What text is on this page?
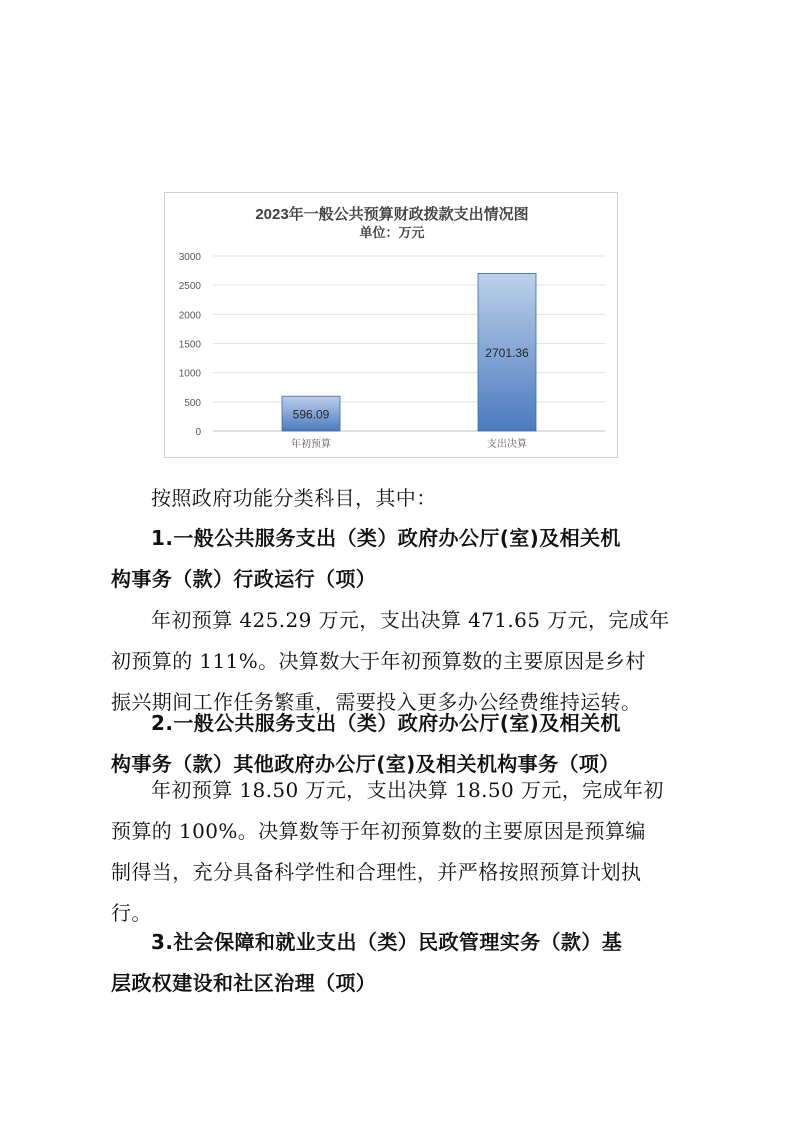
2023年一般公共预算财政拨款支出情况图
单位：万元
0
500
1000
1500
2000
2500
3000
596.09
年初预算
2701.36
支出决算

按照政府功能分类科目，其中：

1.一般公共服务支出（类）政府办公厅(室)及相关机
构事务（款）行政运行（项）

年初预算 425.29 万元，支出决算 471.65 万元，完成年
初预算的 111%。决算数大于年初预算数的主要原因是乡村
振兴期间工作任务繁重，需要投入更多办公经费维持运转。

2.一般公共服务支出（类）政府办公厅(室)及相关机
构事务（款）其他政府办公厅(室)及相关机构事务（项）

年初预算 18.50 万元，支出决算 18.50 万元，完成年初
预算的 100%。决算数等于年初预算数的主要原因是预算编
制得当，充分具备科学性和合理性，并严格按照预算计划执
行。

3.社会保障和就业支出（类）民政管理实务（款）基
层政权建设和社区治理（项）
